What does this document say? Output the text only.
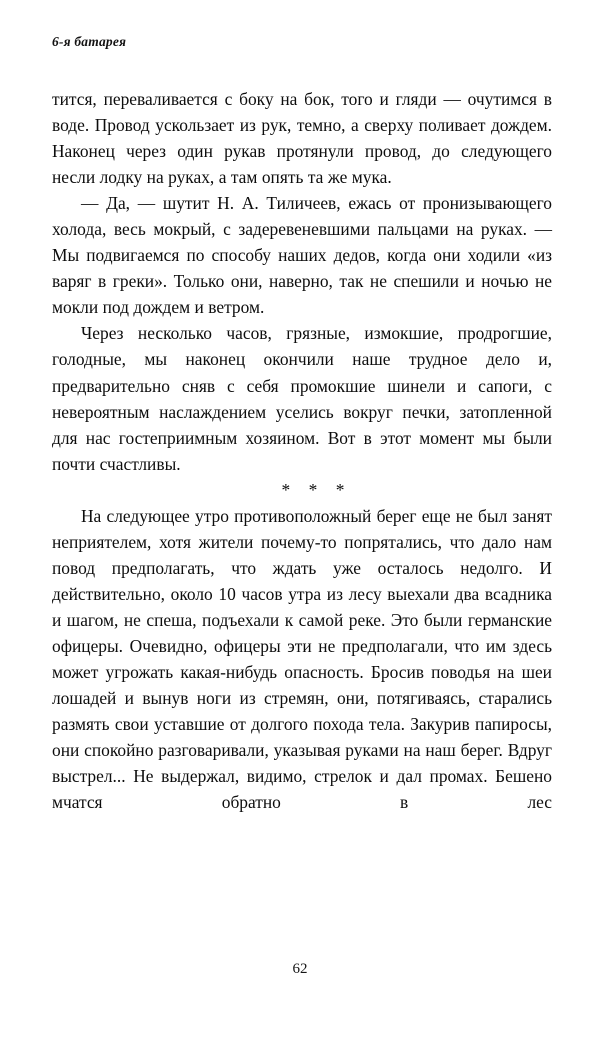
6-я батарея

тится, переваливается с боку на бок, того и гляди — очутимся в воде. Провод ускользает из рук, темно, а сверху поливает дождем. Наконец через один рукав протянули провод, до следующего несли лодку на руках, а там опять та же мука.

— Да, — шутит Н. А. Тиличеев, ежась от пронизывающего холода, весь мокрый, с задеревеневшими пальцами на руках. — Мы подвигаемся по способу наших дедов, когда они ходили «из варяг в греки». Только они, наверно, так не спешили и ночью не мокли под дождем и ветром.

Через несколько часов, грязные, измокшие, продрогшие, голодные, мы наконец окончили наше трудное дело и, предварительно сняв с себя промокшие шинели и сапоги, с невероятным наслаждением уселись вокруг печки, затопленной для нас гостеприимным хозяином. Вот в этот момент мы были почти счастливы.

* * *

На следующее утро противоположный берег еще не был занят неприятелем, хотя жители почему-то попрятались, что дало нам повод предполагать, что ждать уже осталось недолго. И действительно, около 10 часов утра из лесу выехали два всадника и шагом, не спеша, подъехали к самой реке. Это были германские офицеры. Очевидно, офицеры эти не предполагали, что им здесь может угрожать какая-нибудь опасность. Бросив поводья на шеи лошадей и вынув ноги из стремян, они, потягиваясь, старались размять свои уставшие от долгого похода тела. Закурив папиросы, они спокойно разговаривали, указывая руками на наш берег. Вдруг выстрел... Не выдержал, видимо, стрелок и дал промах. Бешено мчатся обратно в лес

62
